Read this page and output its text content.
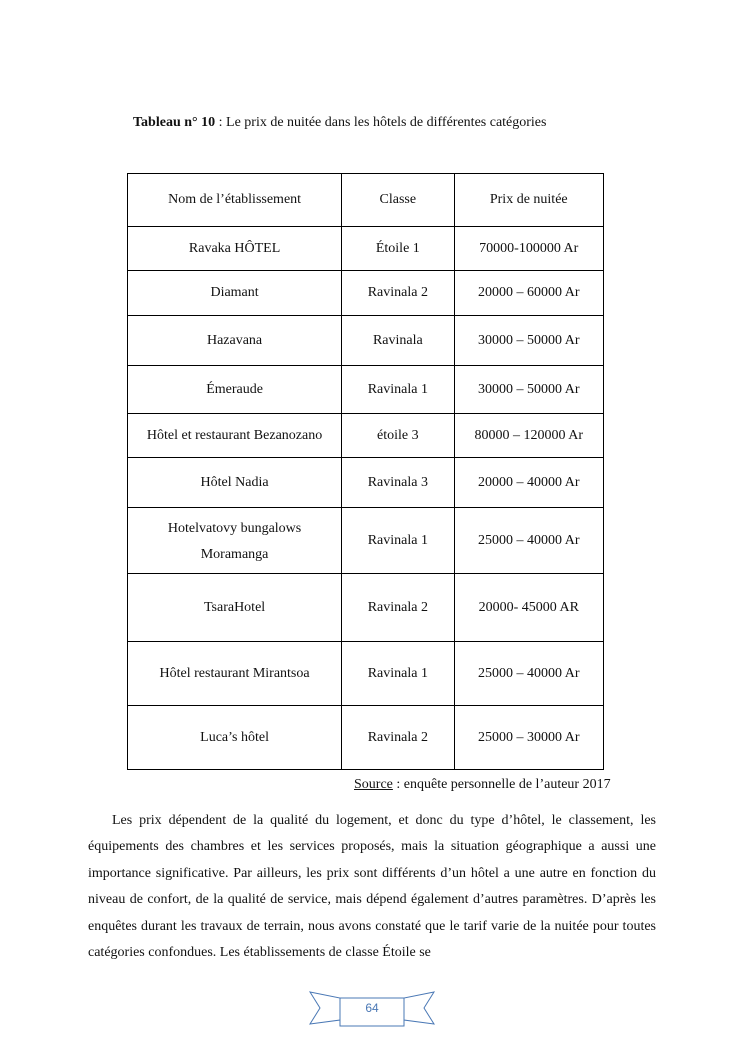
Tableau n° 10 : Le prix de nuitée dans les hôtels de différentes catégories
Nom de l’établissement	Classe	Prix de nuitée
Ravaka HÔTEL	Étoile 1	70000-100000 Ar
Diamant	Ravinala 2	20000 – 60000 Ar
Hazavana	Ravinala	30000 – 50000 Ar
Émeraude	Ravinala 1	30000 – 50000 Ar
Hôtel et restaurant Bezanozano	étoile 3	80000 – 120000 Ar
Hôtel Nadia	Ravinala 3	20000 – 40000 Ar
Hotelvatovy bungalows
Moramanga	Ravinala 1	25000 – 40000 Ar
TsaraHotel	Ravinala 2	20000- 45000 AR
Hôtel restaurant Mirantsoa	Ravinala 1	25000 – 40000 Ar
Luca’s hôtel	Ravinala 2	25000 – 30000 Ar
Source : enquête personnelle de l’auteur 2017

Les prix dépendent de la qualité du logement, et donc du type d’hôtel, le classement, les équipements des chambres et les services proposés, mais la situation géographique a aussi une importance significative. Par ailleurs, les prix sont différents d’un hôtel a une autre en fonction du niveau de confort, de la qualité de service, mais dépend également d’autres paramètres. D’après les enquêtes durant les travaux de terrain, nous avons constaté que le tarif varie de la nuitée pour toutes catégories confondues. Les établissements de classe Étoile se

64
